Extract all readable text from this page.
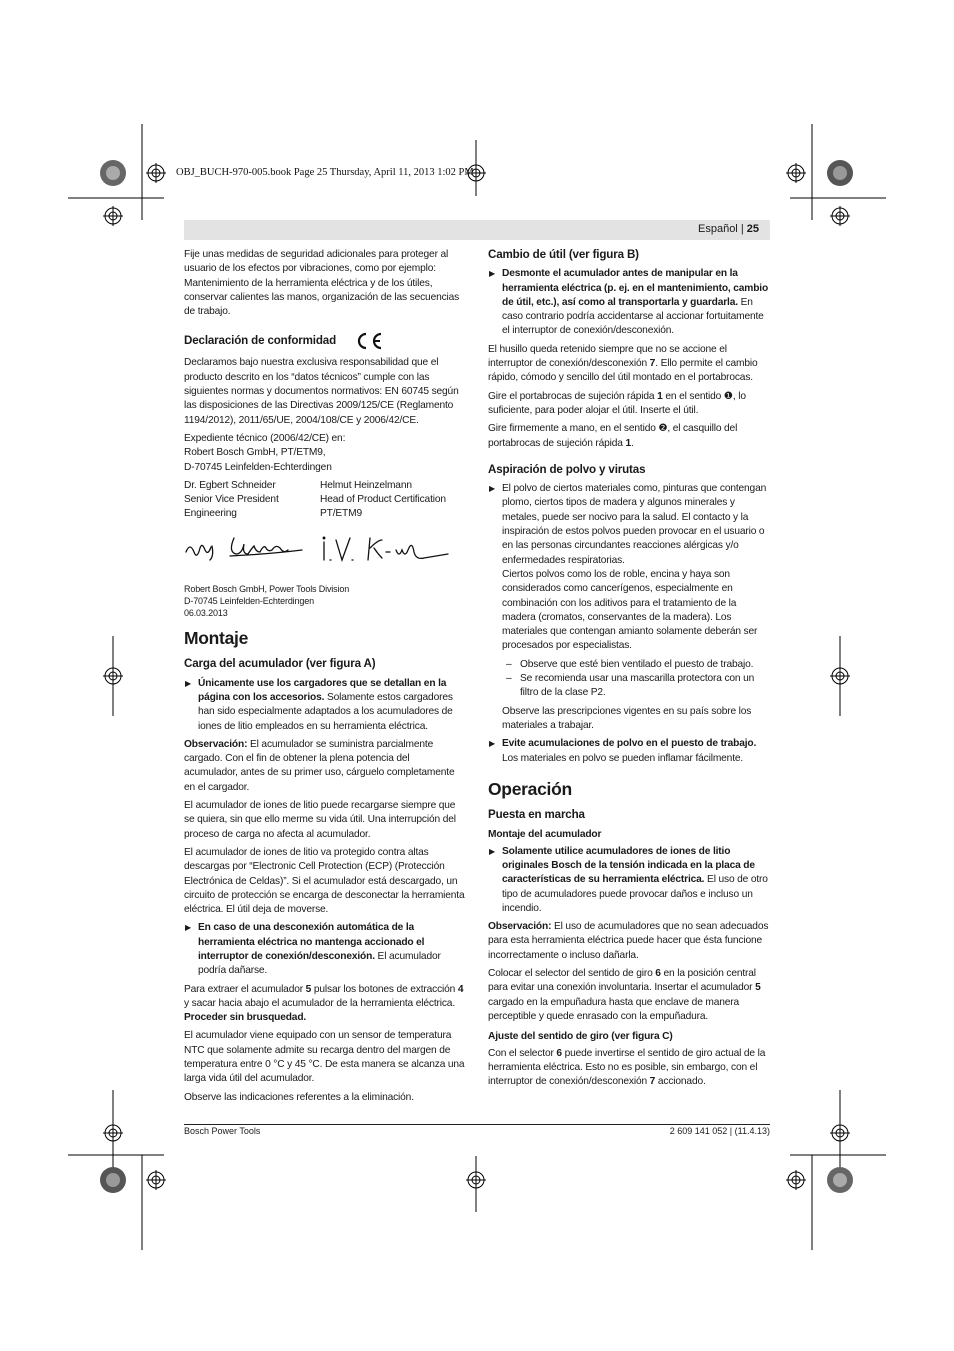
OBJ_BUCH-970-005.book Page 25 Thursday, April 11, 2013 1:02 PM
Español | 25

Fije unas medidas de seguridad adicionales para proteger al usuario de los efectos por vibraciones, como por ejemplo: Mantenimiento de la herramienta eléctrica y de los útiles, conservar calientes las manos, organización de las secuencias de trabajo.

Declaración de conformidad

Declaramos bajo nuestra exclusiva responsabilidad que el producto descrito en los “datos técnicos” cumple con las siguientes normas y documentos normativos: EN 60745 según las disposiciones de las Directivas 2009/125/CE (Reglamento 1194/2012), 2011/65/UE, 2004/108/CE y 2006/42/CE.

Expediente técnico (2006/42/CE) en:
Robert Bosch GmbH, PT/ETM9,
D-70745 Leinfelden-Echterdingen

Dr. Egbert Schneider	Helmut Heinzelmann
Senior Vice President	Head of Product Certification
Engineering	PT/ETM9

Robert Bosch GmbH, Power Tools Division
D-70745 Leinfelden-Echterdingen
06.03.2013

Montaje
Carga del acumulador (ver figura A)
▶ Únicamente use los cargadores que se detallan en la página con los accesorios. Solamente estos cargadores han sido especialmente adaptados a los acumuladores de iones de litio empleados en su herramienta eléctrica.

Observación: El acumulador se suministra parcialmente cargado. Con el fin de obtener la plena potencia del acumulador, antes de su primer uso, cárguelo completamente en el cargador.

El acumulador de iones de litio puede recargarse siempre que se quiera, sin que ello merme su vida útil. Una interrupción del proceso de carga no afecta al acumulador.

El acumulador de iones de litio va protegido contra altas descargas por “Electronic Cell Protection (ECP) (Protección Electrónica de Celdas)”. Si el acumulador está descargado, un circuito de protección se encarga de desconectar la herramienta eléctrica. El útil deja de moverse.

▶ En caso de una desconexión automática de la herramienta eléctrica no mantenga accionado el interruptor de conexión/desconexión. El acumulador podría dañarse.

Para extraer el acumulador 5 pulsar los botones de extracción 4 y sacar hacia abajo el acumulador de la herramienta eléctrica. Proceder sin brusquedad.

El acumulador viene equipado con un sensor de temperatura NTC que solamente admite su recarga dentro del margen de temperatura entre 0 °C y 45 °C. De esta manera se alcanza una larga vida útil del acumulador.

Observe las indicaciones referentes a la eliminación.

Cambio de útil (ver figura B)
▶ Desmonte el acumulador antes de manipular en la herramienta eléctrica (p. ej. en el mantenimiento, cambio de útil, etc.), así como al transportarla y guardarla. En caso contrario podría accidentarse al accionar fortuitamente el interruptor de conexión/desconexión.

El husillo queda retenido siempre que no se accione el interruptor de conexión/desconexión 7. Ello permite el cambio rápido, cómodo y sencillo del útil montado en el portabrocas.

Gire el portabrocas de sujeción rápida 1 en el sentido ❶, lo suficiente, para poder alojar el útil. Inserte el útil.

Gire firmemente a mano, en el sentido ❷, el casquillo del portabrocas de sujeción rápida 1.

Aspiración de polvo y virutas
▶ El polvo de ciertos materiales como, pinturas que contengan plomo, ciertos tipos de madera y algunos minerales y metales, puede ser nocivo para la salud. El contacto y la inspiración de estos polvos pueden provocar en el usuario o en las personas circundantes reacciones alérgicas y/o enfermedades respiratorias.

Ciertos polvos como los de roble, encina y haya son considerados como cancerígenos, especialmente en combinación con los aditivos para el tratamiento de la madera (cromatos, conservantes de la madera). Los materiales que contengan amianto solamente deberán ser procesados por especialistas.

– Observe que esté bien ventilado el puesto de trabajo.
– Se recomienda usar una mascarilla protectora con un filtro de la clase P2.

Observe las prescripciones vigentes en su país sobre los materiales a trabajar.

▶ Evite acumulaciones de polvo en el puesto de trabajo.
Los materiales en polvo se pueden inflamar fácilmente.
Operación
Puesta en marcha
Montaje del acumulador
▶ Solamente utilice acumuladores de iones de litio originales Bosch de la tensión indicada en la placa de características de su herramienta eléctrica. El uso de otro tipo de acumuladores puede provocar daños e incluso un incendio.

Observación: El uso de acumuladores que no sean adecuados para esta herramienta eléctrica puede hacer que ésta funcione incorrectamente o incluso dañarla.

Colocar el selector del sentido de giro 6 en la posición central para evitar una conexión involuntaria. Insertar el acumulador 5 cargado en la empuñadura hasta que enclave de manera perceptible y quede enrasado con la empuñadura.

Ajuste del sentido de giro (ver figura C)

Con el selector 6 puede invertirse el sentido de giro actual de la herramienta eléctrica. Esto no es posible, sin embargo, con el interruptor de conexión/desconexión 7 accionado.

Bosch Power Tools	2 609 141 052 | (11.4.13)
